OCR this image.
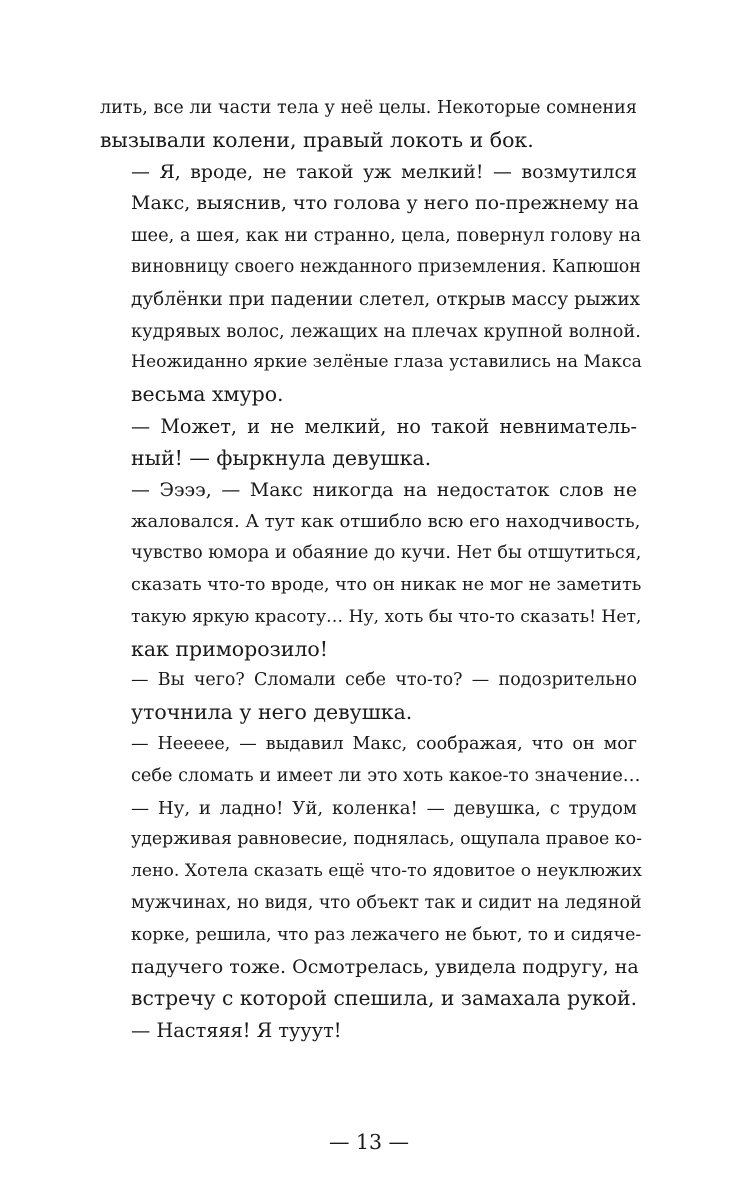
лить, все ли части тела у неё целы. Некоторые сомнения
вызывали колени, правый локоть и бок.

— Я, вроде, не такой уж мелкий! — возмутился
Макс, выяснив, что голова у него по-прежнему на
шее, а шея, как ни странно, цела, повернул голову на
виновницу своего нежданного приземления. Капюшон
дублёнки при падении слетел, открыв массу рыжих
кудрявых волос, лежащих на плечах крупной волной.
Неожиданно яркие зелёные глаза уставились на Макса
весьма хмуро.

— Может, и не мелкий, но такой невниматель-
ный! — фыркнула девушка.

— Ээээ, — Макс никогда на недостаток слов не
жаловался. А тут как отшибло всю его находчивость,
чувство юмора и обаяние до кучи. Нет бы отшутиться,
сказать что-то вроде, что он никак не мог не заметить
такую яркую красоту… Ну, хоть бы что-то сказать! Нет,
как приморозило!

— Вы чего? Сломали себе что-то? — подозрительно
уточнила у него девушка.

— Неееее, — выдавил Макс, соображая, что он мог
себе сломать и имеет ли это хоть какое-то значение…

— Ну, и ладно! Уй, коленка! — девушка, с трудом
удерживая равновесие, поднялась, ощупала правое ко-
лено. Хотела сказать ещё что-то ядовитое о неуклюжих
мужчинах, но видя, что объект так и сидит на ледяной
корке, решила, что раз лежачего не бьют, то и сидяче-
падучего тоже. Осмотрелась, увидела подругу, на
встречу с которой спешила, и замахала рукой.

— Настяяя! Я тууут!

— 13 —
